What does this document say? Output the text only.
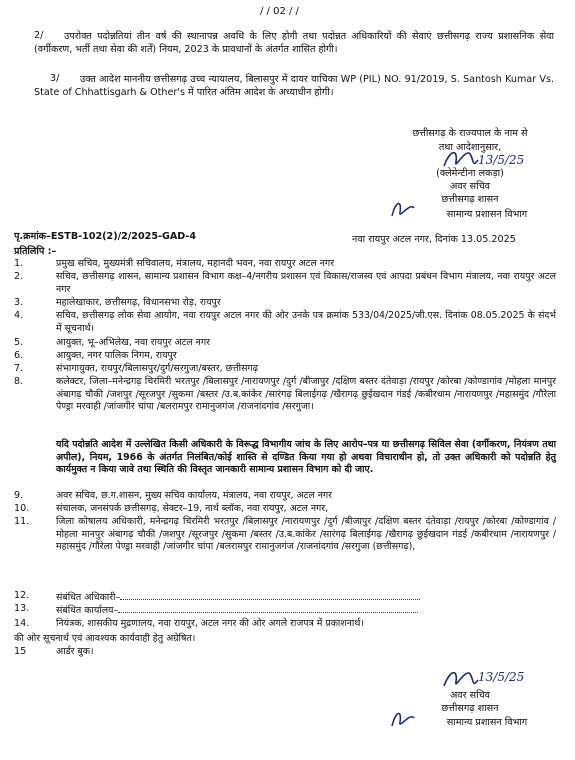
/ / 02 / /
2/	उपरोक्त पदोन्नतियां तीन वर्ष की स्थानापन्न अवधि के लिए होगी तथा पदोन्नत अधिकारियों की सेवाएं छत्तीसगढ़ राज्य प्रशासनिक सेवा (वर्गीकरण, भर्ती तथा सेवा की शर्तें) नियम, 2023 के प्रावधानों के अंतर्गत शासित होगी।
3/	उक्त आदेश माननीय छत्तीसगढ़ उच्च न्यायालय, बिलासपुर में दायर याचिका WP (PIL) NO. 91/2019, S. Santosh Kumar Vs. State of Chhattisgarh & Other's में पारित अंतिम आदेश के अध्याधीन होगी।
छत्तीसगढ़ के राज्यपाल के नाम से
तथा आदेशानुसार,
13/5/25
(क्लेमेन्टीना लकड़ा)
अवर सचिव
छत्तीसगढ़ शासन
सामान्य प्रशासन विभाग
पृ.क्रमांक–ESTB-102(2)/2/2025-GAD-4	नवा रायपुर अटल नगर, दिनांक 13.05.2025
प्रतिलिपि :–
1.	प्रमुख सचिव, मुख्यमंत्री सचिवालय, मंत्रालय, महानदी भवन, नवा रायपुर अटल नगर
2.	सचिव, छत्तीसगढ़ शासन, सामान्य प्रशासन विभाग कक्ष–4/नगरीय प्रशासन एवं विकास/राजस्व एवं आपदा प्रबंधन विभाग मंत्रालय, नवा रायपुर अटल नगर
3.	महालेखाकार, छत्तीसगढ़, विधानसभा रोड़, रायपुर
4.	सचिव, छत्तीसगढ़ लोक सेवा आयोग, नवा रायपुर अटल नगर की ओर उनके पत्र क्रमांक 533/04/2025/जी.एस. दिनांक 08.05.2025 के संदर्भ में सूचनार्थ।
5.	आयुक्त, भू–अभिलेख, नवा रायपुर अटल नगर
6.	आयुक्त, नगर पालिक निगम, रायपुर
7.	संभागायुक्त, रायपुर/बिलासपुर/दुर्ग/सरगुजा/बस्तर, छत्तीसगढ़
8.	कलेक्टर, जिला–मनेन्द्रगढ़ चिरमिरी भरतपुर /बिलासपुर /नारायणपुर /दुर्ग /बीजापुर /दक्षिण बस्तर दंतेवाड़ा /रायपुर /कोरबा /कोण्डागांव /मोहला मानपुर अंबागढ़ चौकी /जशपुर /सूरजपुर /सुकमा /बस्तर /उ.ब.कांकेर /सारंगढ़ बिलाईगढ़ /खैरागढ़ छुईखदान गंडई /कबीरधाम /नारायणपुर /महासमुंद /गौरेला पेण्ड्रा मरवाही /जांजगीर चांपा /बलरामपुर रामानुजगंज /राजनांदगांव /सरगुजा।
यदि पदोन्नति आदेश में उल्लेखित किसी अधिकारी के विरूद्ध विभागीय जांच के लिए आरोप–पत्र या छत्तीसगढ़ सिविल सेवा (वर्गीकरण, नियंत्रण तथा अपील), नियम, 1966 के अंतर्गत निलंबित/कोई शास्ति से दण्डित किया गया हो अथवा विचाराधीन हो, तो उक्त अधिकारी को पदोन्नति हेतु कार्यमुक्त न किया जावे तथा स्थिति की विस्तृत जानकारी सामान्य प्रशासन विभाग को दी जाए.
9.	अवर सचिव, छ.ग.शासन, मुख्य सचिव कार्यालय, मंत्रालय, नवा रायपुर, अटल नगर
10.	संचालक, जनसंपर्क छत्तीसगढ़, सेक्टर–19, नार्थ ब्लॉक, नवा रायपुर, अटल नगर,
11.	जिला कोषालय अधिकारी, मनेन्द्रगढ़ चिरमिरी भरतपुर /बिलासपुर /नारायणपुर /दुर्ग /बीजापुर /दक्षिण बस्तर दंतेवाड़ा /रायपुर /कोरबा /कोण्डागांव /मोहला मानपुर अंबागढ़ चौकी /जशपुर /सूरजपुर /सुकमा /बस्तर /उ.ब.कांकेर /सारंगढ़ बिलाईगढ़ /खैरागढ़ छुईखदान गंडई /कबीरधाम /नारायणपुर /महासमुंद /गौरेला पेण्ड्रा मरवाही /जांजगीर चांपा /बलरामपुर रामानुजगंज /राजनांदगांव /सरगुजा (छत्तीसगढ़),
12.	संबंधित अधिकारी–
13.	संबंधित कार्यालय–
14.	नियंत्रक, शासकीय मुद्रणालय, नवा रायपुर, अटल नगर की ओर अगले राजपत्र में प्रकाशनार्थ।
की ओर सूचनार्थ एवं आवश्यक कार्यवाही हेतु अग्रेषित।
15	आर्डर बुक।
13/5/25
अवर सचिव
छत्तीसगढ़ शासन
सामान्य प्रशासन विभाग
